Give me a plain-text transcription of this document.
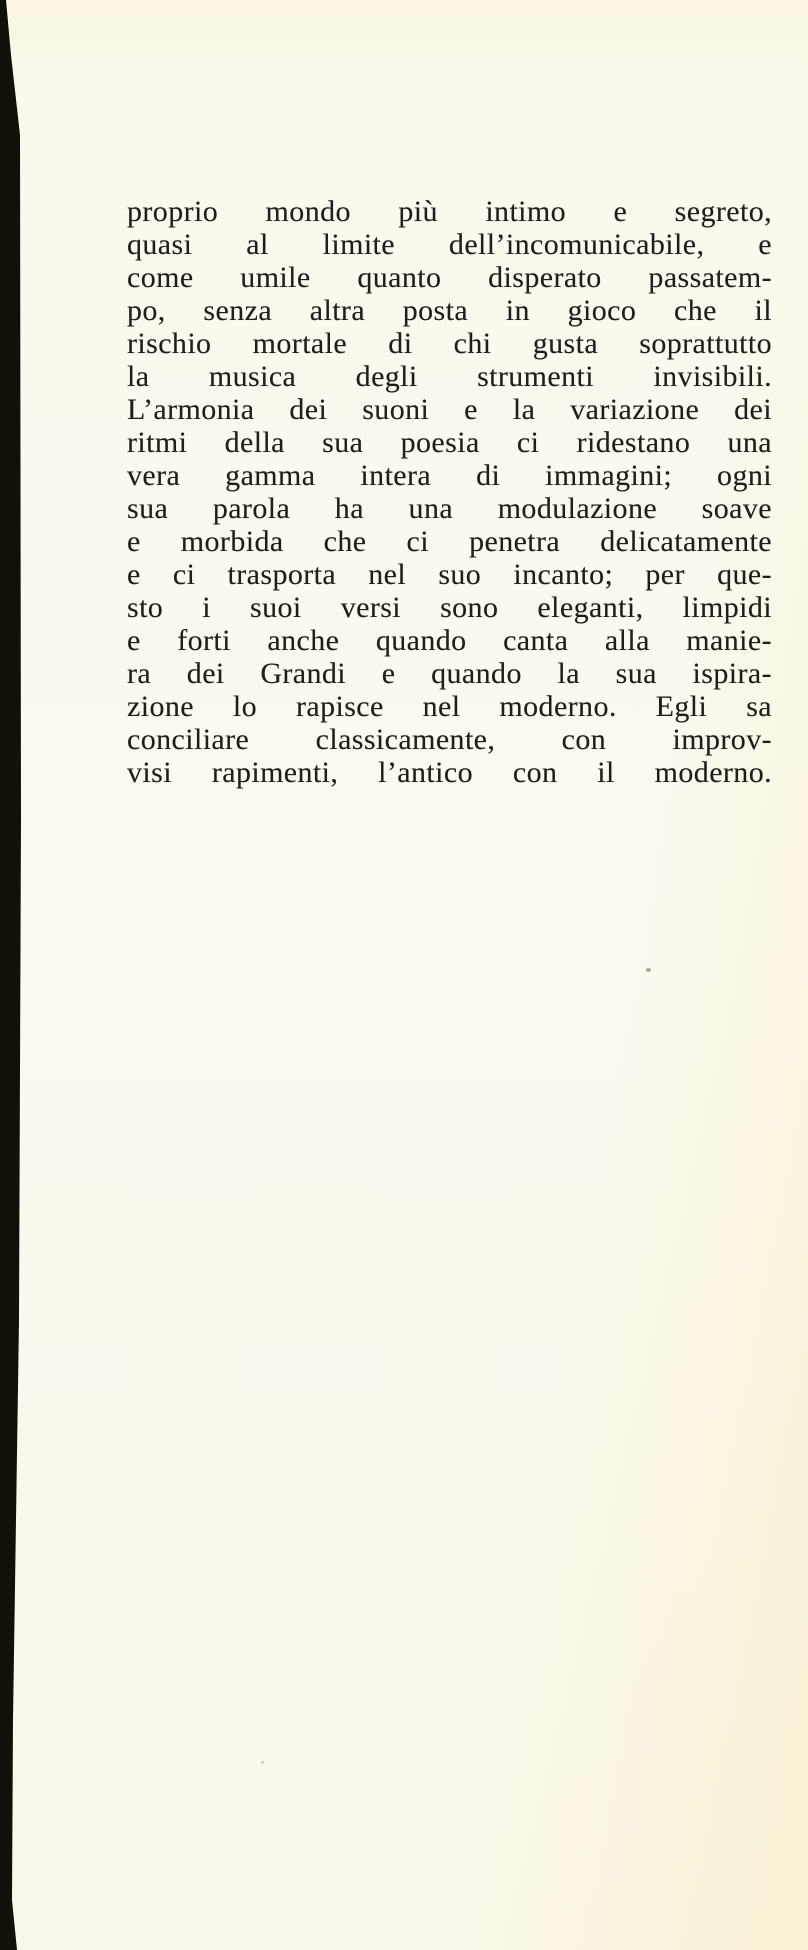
proprio mondo più intimo e segreto,
quasi al limite dell’incomunicabile, e
come umile quanto disperato passatem-
po, senza altra posta in gioco che il
rischio mortale di chi gusta soprattutto
la musica degli strumenti invisibili.
L’armonia dei suoni e la variazione dei
ritmi della sua poesia ci ridestano una
vera gamma intera di immagini; ogni
sua parola ha una modulazione soave
e morbida che ci penetra delicatamente
e ci trasporta nel suo incanto; per que-
sto i suoi versi sono eleganti, limpidi
e forti anche quando canta alla manie-
ra dei Grandi e quando la sua ispira-
zione lo rapisce nel moderno. Egli sa
conciliare classicamente, con improv-
visi rapimenti, l’antico con il moderno.
